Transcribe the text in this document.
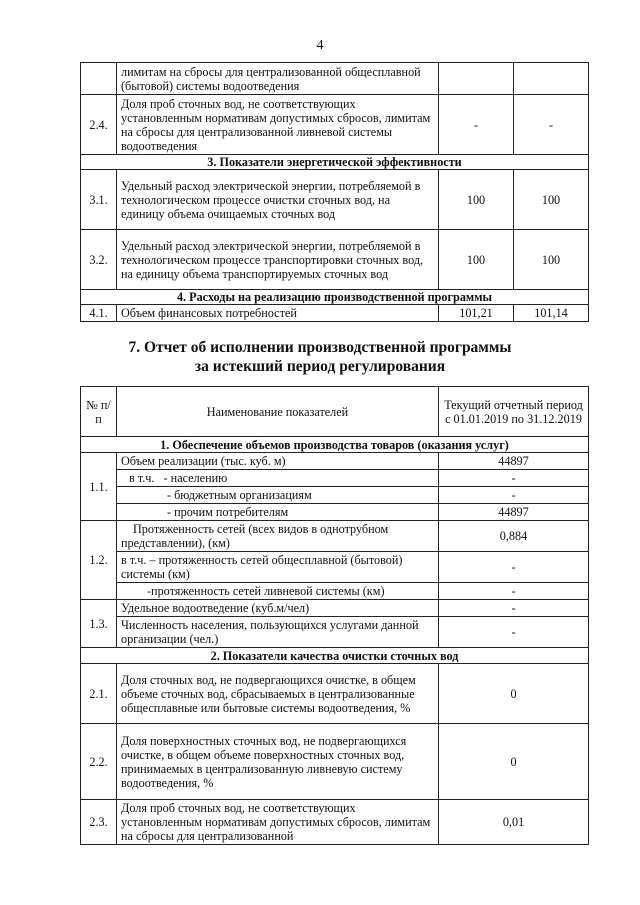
4
	лимитам на сбросы для централизованной общесплавной (бытовой) системы водоотведения		
2.4.	Доля проб сточных вод, не соответствующих установленным нормативам допустимых сбросов, лимитам на сбросы для централизованной ливневой системы водоотведения	-	-
3. Показатели энергетической эффективности			
3.1.	Удельный расход электрической энергии, потребляемой в технологическом процессе очистки сточных вод, на единицу объема очищаемых сточных вод	100	100
3.2.	Удельный расход электрической энергии, потребляемой в технологическом процессе транспортировки сточных вод, на единицу объема транспортируемых сточных вод	100	100
4. Расходы на реализацию производственной программы			
4.1.	Объем финансовых потребностей	101,21	101,14
7. Отчет об исполнении производственной программы
за истекший период регулирования
№ п/п	Наименование показателей	Текущий отчетный период с 01.01.2019 по 31.12.2019
1. Обеспечение объемов производства товаров (оказания услуг)		
1.1.	Объем реализации (тыс. куб. м)	44897
	в т.ч. - населению	-
	- бюджетным организациям	-
	- прочим потребителям	44897
1.2.	Протяженность сетей (всех видов в однотрубном представлении), (км)	0,884
	в т.ч. – протяженность сетей общесплавной (бытовой) системы (км)	-
	-протяженность сетей ливневой системы (км)	-
1.3.	Удельное водоотведение (куб.м/чел)	-
	Численность населения, пользующихся услугами данной организации (чел.)	-
2. Показатели качества очистки сточных вод		
2.1.	Доля сточных вод, не подвергающихся очистке, в общем объеме сточных вод, сбрасываемых в централизованные общесплавные или бытовые системы водоотведения, %	0
2.2.	Доля поверхностных сточных вод, не подвергающихся очистке, в общем объеме поверхностных сточных вод, принимаемых в централизованную ливневую систему водоотведения, %	0
2.3.	Доля проб сточных вод, не соответствующих установленным нормативам допустимых сбросов, лимитам на сбросы для централизованной	0,01
